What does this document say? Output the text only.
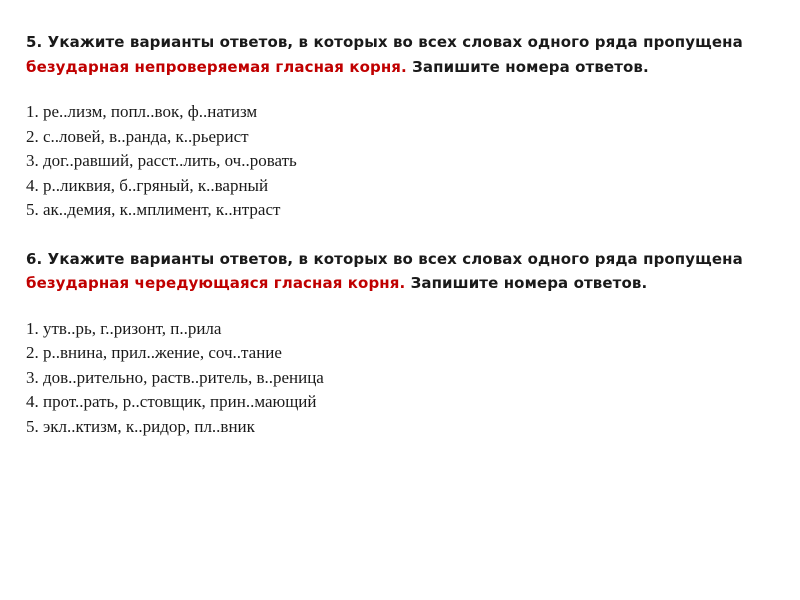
5. Укажите варианты ответов, в которых во всех словах одного ряда пропущена безударная непроверяемая гласная корня. Запишите номера ответов.

1. ре..лизм, попл..вок, ф..натизм
2. с..ловей, в..ранда, к..рьерист
3. дог..равший, расст..лить, оч..ровать
4. р..ликвия, б..гряный, к..варный
5. ак..демия, к..мплимент, к..нтраст

6. Укажите варианты ответов, в которых во всех словах одного ряда пропущена безударная чередующаяся гласная корня. Запишите номера ответов.

1. утв..рь, г..ризонт, п..рила
2. р..внина, прил..жение, соч..тание
3. дов..рительно, раств..ритель, в..реница
4. прот..рать, р..стовщик, прин..мающий
5. экл..ктизм, к..ридор, пл..вник
